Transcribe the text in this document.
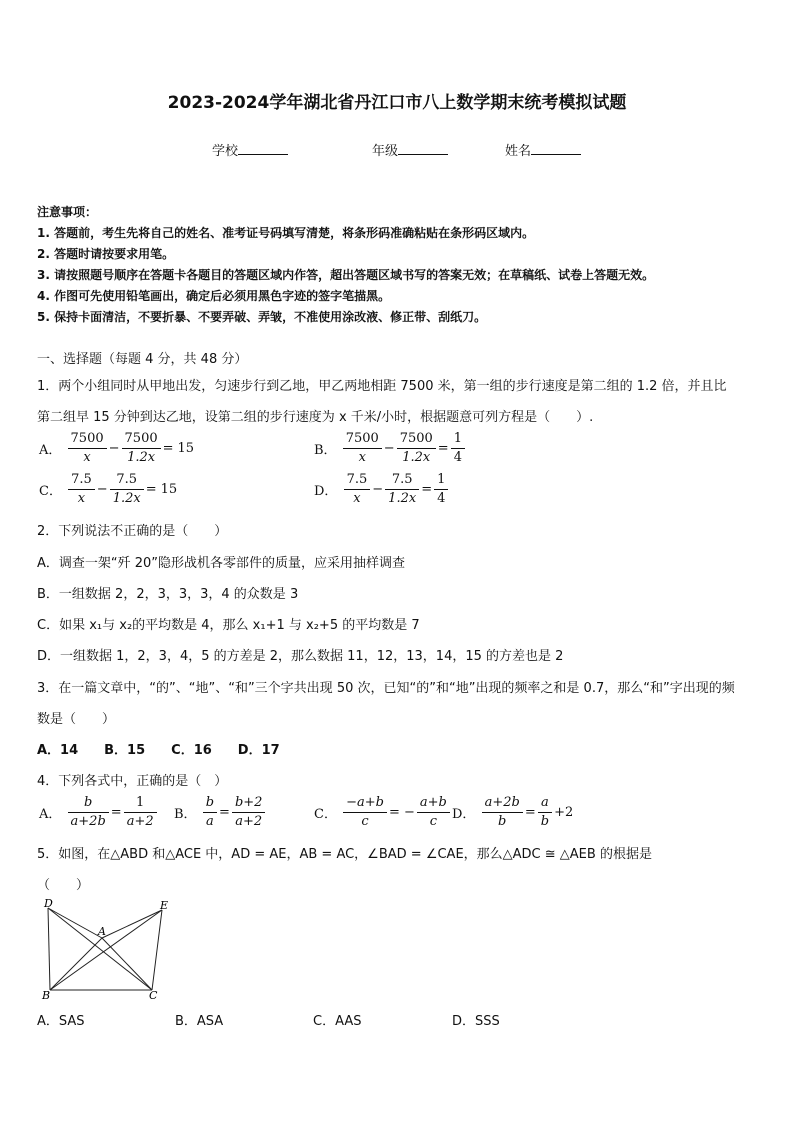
2023-2024学年湖北省丹江口市八上数学期末统考模拟试题
学校	年级	姓名
注意事项：
1. 答题前，考生先将自己的姓名、准考证号码填写清楚，将条形码准确粘贴在条形码区域内。
2. 答题时请按要求用笔。
3. 请按照题号顺序在答题卡各题目的答题区域内作答，超出答题区域书写的答案无效；在草稿纸、试卷上答题无效。
4. 作图可先使用铅笔画出，确定后必须用黑色字迹的签字笔描黑。
5. 保持卡面清洁，不要折暴、不要弄破、弄皱，不准使用涂改液、修正带、刮纸刀。
一、选择题（每题 4 分，共 48 分）
1．两个小组同时从甲地出发，匀速步行到乙地，甲乙两地相距 7500 米，第一组的步行速度是第二组的 1.2 倍，并且比
第二组早 15 分钟到达乙地，设第二组的步行速度为 x 千米/小时，根据题意可列方程是（　　）.
A． $\frac{7500}{x} - \frac{7500}{1.2x} = 15$	B． $\frac{7500}{x} - \frac{7500}{1.2x} = \frac{1}{4}$
C． $\frac{7.5}{x} - \frac{7.5}{1.2x} = 15$	D． $\frac{7.5}{x} - \frac{7.5}{1.2x} = \frac{1}{4}$
2．下列说法不正确的是（　　）
A．调查一架“歼 20”隐形战机各零部件的质量，应采用抽样调查
B．一组数据 2，2，3，3，3，4 的众数是 3
C．如果 x₁与 x₂的平均数是 4，那么 x₁+1 与 x₂+5 的平均数是 7
D．一组数据 1，2，3，4，5 的方差是 2，那么数据 11，12，13，14，15 的方差也是 2
3．在一篇文章中，“的”、“地”、“和”三个字共出现 50 次，已知“的”和“地”出现的频率之和是 0.7，那么“和”字出现的频
数是（　　）
A．14　　B．15　　C．16　　D．17
4．下列各式中，正确的是（　）
A． $\frac{b}{a+2b} = \frac{1}{a+2}$ B． $\frac{b}{a} = \frac{b+2}{a+2}$	C． $\frac{-a+b}{c}$ = − $\frac{a+b}{c}$ D． $\frac{a+2b}{b} = \frac{a}{b} +2$
5．如图，在△ABD 和△ACE 中，AD = AE，AB = AC，∠BAD = ∠CAE，那么△ADC ≅ △AEB 的根据是
（　　）
D	E
A
B	C
A．SAS	B．ASA	C．AAS	D．SSS
